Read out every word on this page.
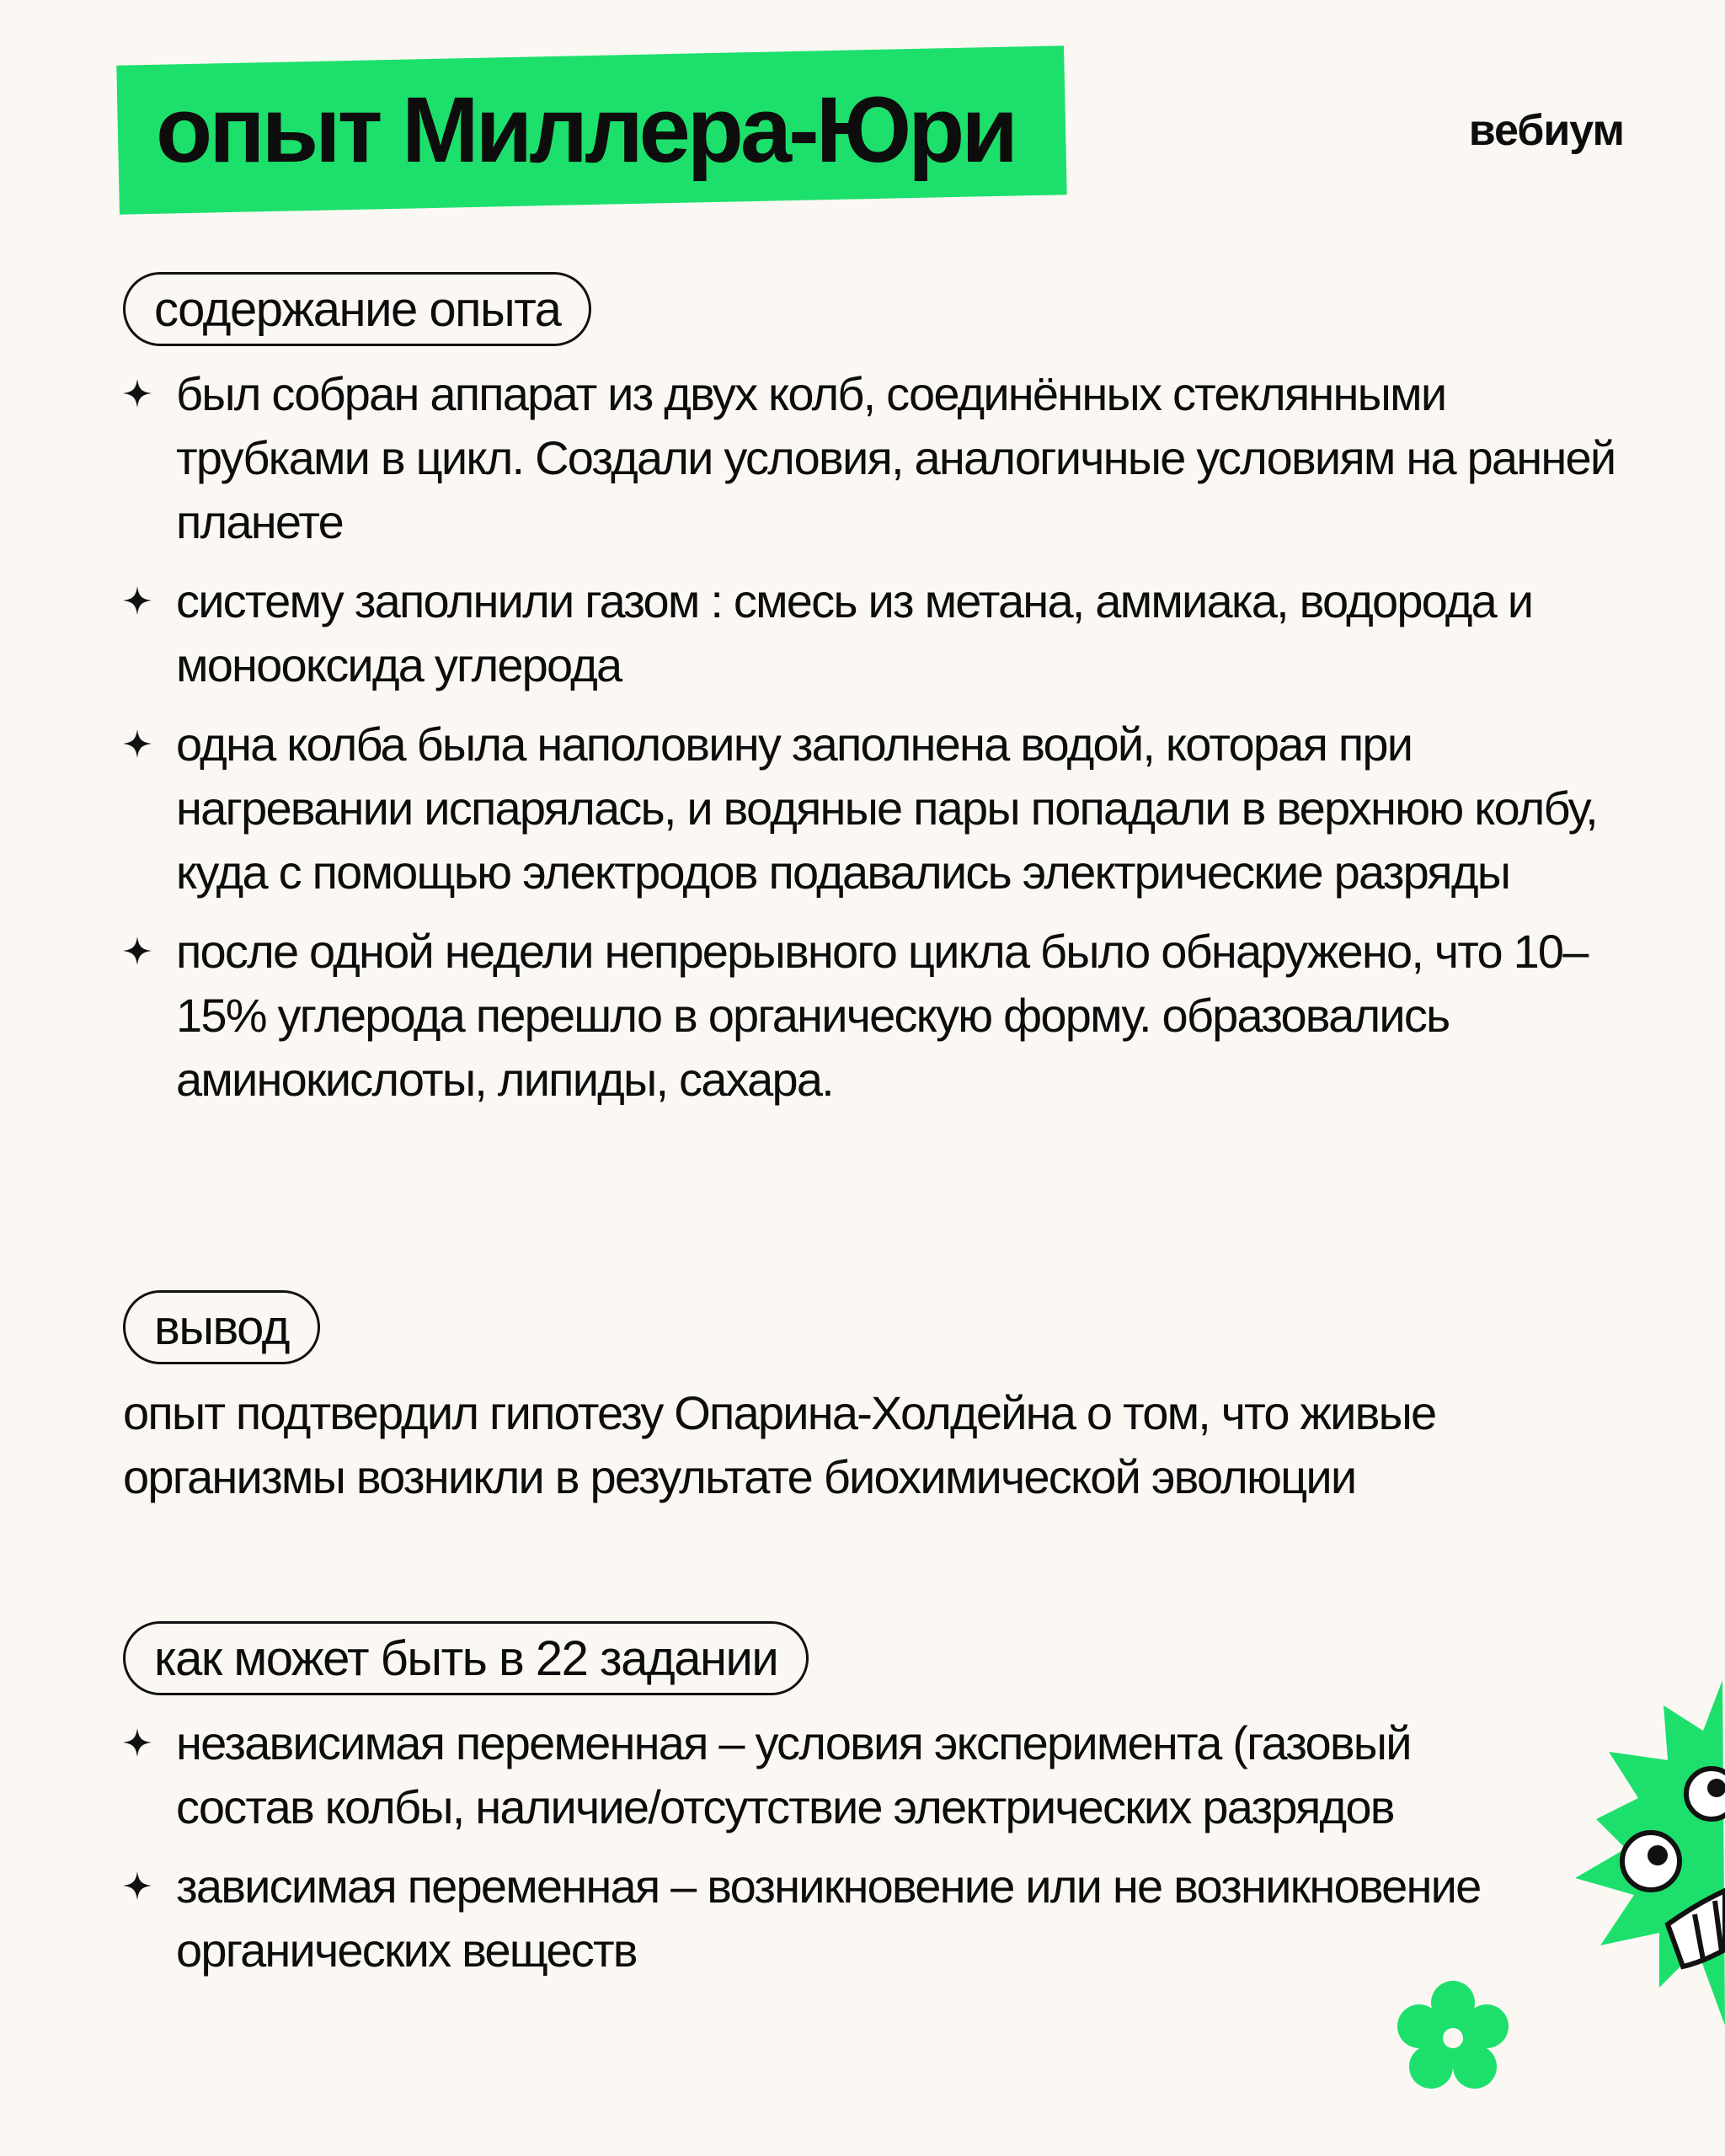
опыт Миллера-Юри	вебиум
содержание опыта
был собран аппарат из двух колб, соединённых стеклянными трубками в цикл. Создали условия, аналогичные условиям на ранней планете
систему заполнили газом : смесь из метана, аммиака, водорода и монооксида углерода
одна колба была наполовину заполнена водой, которая при нагревании испарялась, и водяные пары попадали в верхнюю колбу, куда с помощью электродов подавались электрические разряды
после одной недели непрерывного цикла было обнаружено, что 10–15% углерода перешло в органическую форму. образовались аминокислоты, липиды, сахара.
вывод
опыт подтвердил гипотезу Опарина-Холдейна о том, что живые организмы возникли в результате биохимической эволюции
как может быть в 22 задании
независимая переменная – условия эксперимента (газовый состав колбы, наличие/отсутствие электрических разрядов
зависимая переменная – возникновение или не возникновение органических веществ
